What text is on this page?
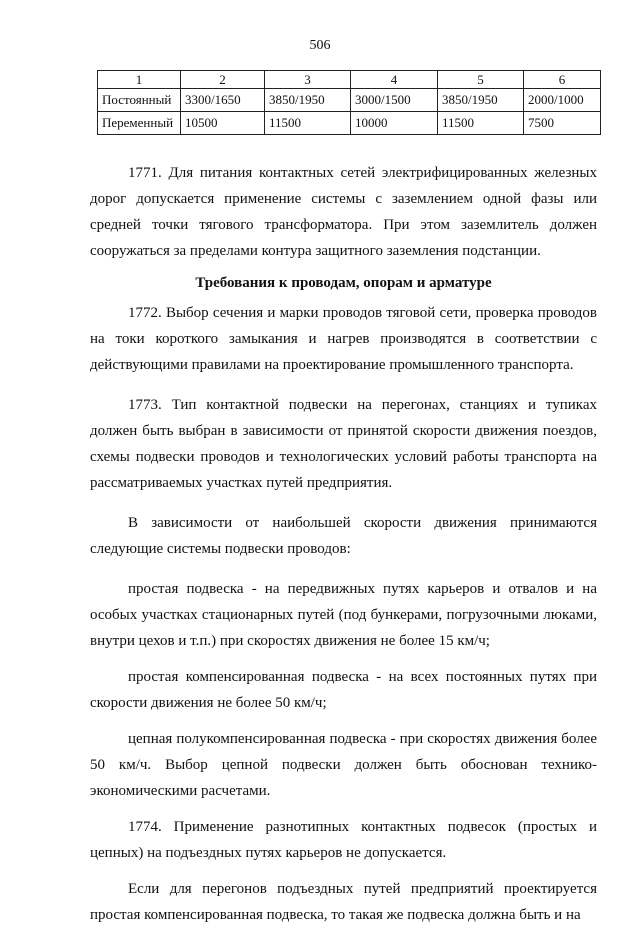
506
1	2	3	4	5	6
Постоянный	3300/1650	3850/1950	3000/1500	3850/1950	2000/1000
Переменный	10500	11500	10000	11500	7500

1771. Для питания контактных сетей электрифицированных железных дорог допускается применение системы с заземлением одной фазы или средней точки тягового трансформатора. При этом заземлитель должен сооружаться за пределами контура защитного заземления подстанции.

Требования к проводам, опорам и арматуре

1772. Выбор сечения и марки проводов тяговой сети, проверка проводов на токи короткого замыкания и нагрев производятся в соответствии с действующими правилами на проектирование промышленного транспорта.

1773. Тип контактной подвески на перегонах, станциях и тупиках должен быть выбран в зависимости от принятой скорости движения поездов, схемы подвески проводов и технологических условий работы транспорта на рассматриваемых участках путей предприятия.

В зависимости от наибольшей скорости движения принимаются следующие системы подвески проводов:

простая подвеска - на передвижных путях карьеров и отвалов и на особых участках стационарных путей (под бункерами, погрузочными люками, внутри цехов и т.п.) при скоростях движения не более 15 км/ч;

простая компенсированная подвеска - на всех постоянных путях при скорости движения не более 50 км/ч;

цепная полукомпенсированная подвеска - при скоростях движения более 50 км/ч. Выбор цепной подвески должен быть обоснован технико-экономическими расчетами.

1774. Применение разнотипных контактных подвесок (простых и цепных) на подъездных путях карьеров не допускается.

Если для перегонов подъездных путей предприятий проектируется простая компенсированная подвеска, то такая же подвеска должна быть и на
